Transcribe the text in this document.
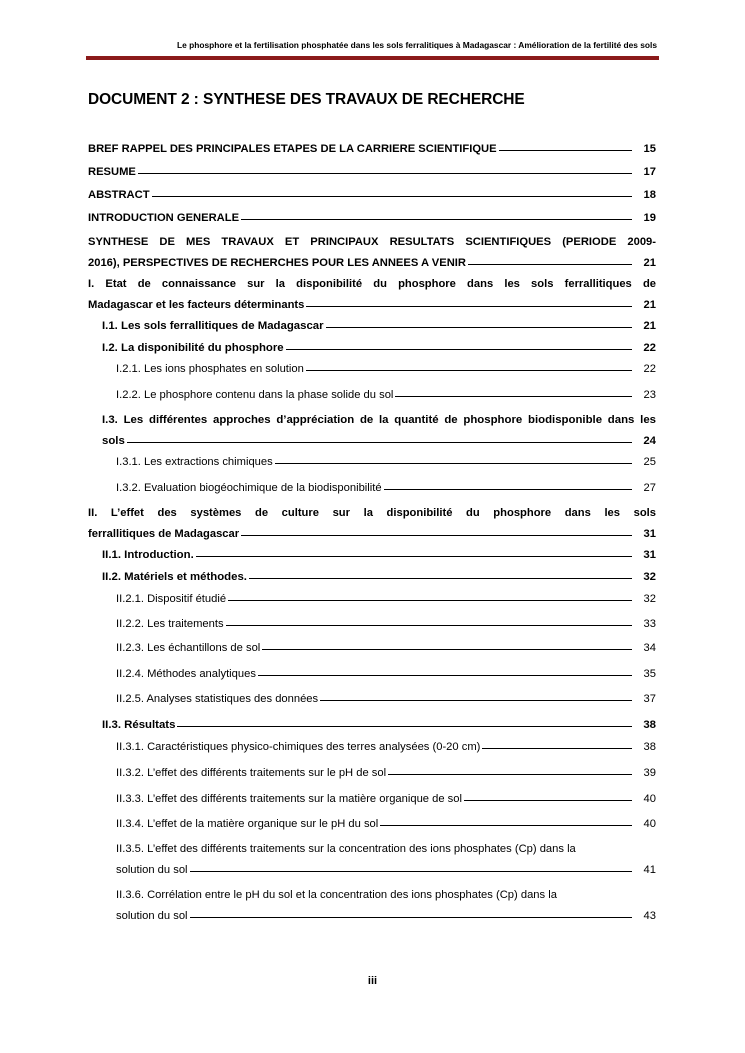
Le phosphore et la fertilisation phosphatée dans les sols ferralitiques à Madagascar : Amélioration de la fertilité des sols
DOCUMENT 2 : SYNTHESE DES TRAVAUX DE RECHERCHE
BREF RAPPEL DES PRINCIPALES ETAPES DE LA CARRIERE SCIENTIFIQUE	15
RESUME	17
ABSTRACT	18
INTRODUCTION GENERALE	19
SYNTHESE DE MES TRAVAUX ET PRINCIPAUX RESULTATS SCIENTIFIQUES (PERIODE 2009-
2016), PERSPECTIVES DE RECHERCHES POUR LES ANNEES A VENIR	21
I. Etat de connaissance sur la disponibilité du phosphore dans les sols ferrallitiques de
Madagascar et les facteurs déterminants	21
I.1. Les sols ferrallitiques de Madagascar	21
I.2. La disponibilité du phosphore	22
I.2.1. Les ions phosphates en solution	22
I.2.2. Le phosphore contenu dans la phase solide du sol	23
I.3. Les différentes approches d’appréciation de la quantité de phosphore biodisponible dans les
sols	24
I.3.1. Les extractions chimiques	25
I.3.2. Evaluation biogéochimique de la biodisponibilité	27
II. L’effet des systèmes de culture sur la disponibilité du phosphore dans les sols
ferrallitiques de Madagascar	31
II.1. Introduction.	31
II.2. Matériels et méthodes.	32
II.2.1. Dispositif étudié	32
II.2.2. Les traitements	33
II.2.3. Les échantillons de sol	34
II.2.4. Méthodes analytiques	35
II.2.5. Analyses statistiques des données	37
II.3. Résultats	38
II.3.1. Caractéristiques physico-chimiques des terres analysées (0-20 cm)	38
II.3.2. L’effet des différents traitements sur le pH de sol	39
II.3.3. L’effet des différents traitements sur la matière organique de sol	40
II.3.4. L’effet de la matière organique sur le pH du sol	40
II.3.5. L’effet des différents traitements sur la concentration des ions phosphates (Cp) dans la
solution du sol	41
II.3.6. Corrélation entre le pH du sol et la concentration des ions phosphates (Cp) dans la
solution du sol	43
iii
